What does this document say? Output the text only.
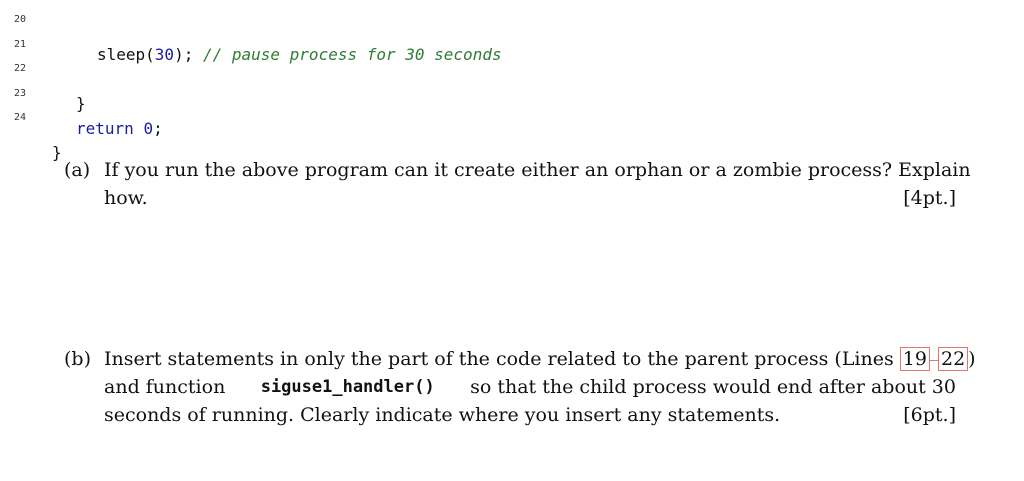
20

sleep(30); // pause process for 30 seconds

21

22

}

23

return 0;

24

}

(a) If you run the above program can it create either an orphan or a zombie process? Explain
how.	[4pt.]
(b) Insert statements in only the part of the code related to the parent process (Lines 19 22 )
and function siguse1_handler() so that the child process would end after about 30
seconds of running. Clearly indicate where you insert any statements.	[6pt.]
